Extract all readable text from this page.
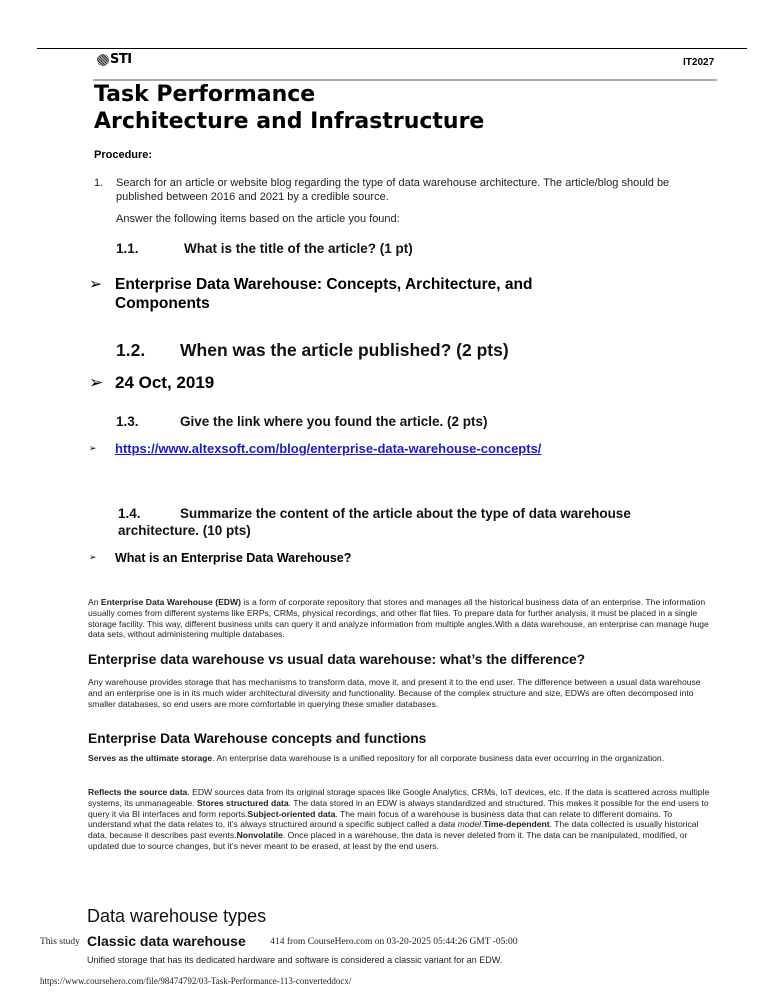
STI	IT2027
Task Performance
Architecture and Infrastructure
Procedure:
1. Search for an article or website blog regarding the type of data warehouse architecture. The article/blog should be published between 2016 and 2021 by a credible source.
Answer the following items based on the article you found:
1.1.	What is the title of the article? (1 pt)
➢ Enterprise Data Warehouse: Concepts, Architecture, and Components
1.2. When was the article published? (2 pts)
➢ 24 Oct, 2019
1.3.	Give the link where you found the article. (2 pts)
➢	https://www.altexsoft.com/blog/enterprise-data-warehouse-concepts/
1.4.	Summarize the content of the article about the type of data warehouse architecture. (10 pts)
➢	What is an Enterprise Data Warehouse?
An Enterprise Data Warehouse (EDW) is a form of corporate repository that stores and manages all the historical business data of an enterprise. The information usually comes from different systems like ERPs, CRMs, physical recordings, and other flat files. To prepare data for further analysis, it must be placed in a single storage facility. This way, different business units can query it and analyze information from multiple angles.With a data warehouse, an enterprise can manage huge data sets, without administering multiple databases.
Enterprise data warehouse vs usual data warehouse: what’s the difference?
Any warehouse provides storage that has mechanisms to transform data, move it, and present it to the end user. The difference between a usual data warehouse and an enterprise one is in its much wider architectural diversity and functionality. Because of the complex structure and size, EDWs are often decomposed into smaller databases, so end users are more comfortable in querying these smaller databases.
Enterprise Data Warehouse concepts and functions
Serves as the ultimate storage. An enterprise data warehouse is a unified repository for all corporate business data ever occurring in the organization.
Reflects the source data. EDW sources data from its original storage spaces like Google Analytics, CRMs, IoT devices, etc. If the data is scattered across multiple systems, its unmanageable. Stores structured data. The data stored in an EDW is always standardized and structured. This makes it possible for the end users to query it via BI interfaces and form reports.Subject-oriented data. The main focus of a warehouse is business data that can relate to different domains. To understand what the data relates to, it’s always structured around a specific subject called a data model.Time-dependent. The data collected is usually historical data, because it describes past events.Nonvolatile. Once placed in a warehouse, the data is never deleted from it. The data can be manipulated, modified, or updated due to source changes, but it’s never meant to be erased, at least by the end users.
Data warehouse types
This study	414 from CourseHero.com on 03-20-2025 05:44:26 GMT -05:00
Classic data warehouse
Unified storage that has its dedicated hardware and software is considered a classic variant for an EDW.
https://www.coursehero.com/file/98474792/03-Task-Performance-113-converteddocx/
